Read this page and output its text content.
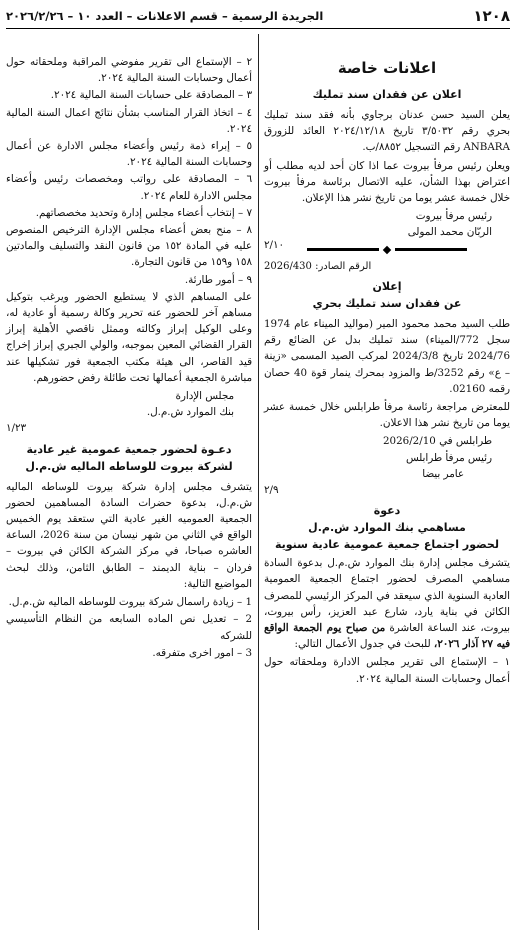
١٢٠٨
الجريدة الرسمية – قسم الاعلانات – العدد ١٠ – ٢٠٢٦/٢/٢٦
اعلانات خاصة
اعلان عن فقدان سند تمليك

يعلن السيد حسن عدنان برجاوي بأنه فقد سند تمليك بحري رقم ٣/٥٠٣٢ تاريخ ٢٠٢٤/١٢/١٨ العائد للزورق ANBARA رقم التسجيل ٨٨٥٢/ب.

ويعلن رئيس مرفأ بيروت عما اذا كان أحد لديه مطلب أو اعتراض بهذا الشأن، عليه الاتصال برئاسة مرفأ بيروت خلال خمسة عشر يوما من تاريخ نشر هذا الإعلان.

رئيس مرفأ بيروت

الربّان محمد المولى

٢/١٠

الرقم الصادر: 2026/430

إعلان
عن فقدان سند تمليك بحري

طلب السيد محمد محمود المير (مواليد الميناء عام 1974 سجل 772/الميناء) سند تمليك بدل عن الضائع رقم 2024/76 تاريخ 2024/3/8 لمركب الصيد المسمى «زينة – ع» رقم 3252/ط والمزود بمحرك ينمار قوة 40 حصان رقمه 02160.

للمعترض مراجعة رئاسة مرفأ طرابلس خلال خمسة عشر يوما من تاريخ نشر هذا الاعلان.

طرابلس في 2026/2/10

رئيس مرفأ طرابلس

عامر بيضا

٢/٩

دعوة
مساهمي بنك الموارد ش.م.ل
لحضور اجتماع جمعية عمومية عادية سنوية

يتشرف مجلس إدارة بنك الموارد ش.م.ل بدعوة السادة مساهمي المصرف لحضور اجتماع الجمعية العمومية العادية السنوية الذي سيعقد في المركز الرئيسي للمصرف الكائن في بناية يارد، شارع عبد العزيز، رأس بيروت، بيروت، عند الساعة العاشرة من صباح يوم الجمعة الواقع فيه ٢٧ آذار ٢٠٢٦، للبحث في جدول الأعمال التالي:

١ – الإستماع الى تقرير مجلس الادارة وملحقاته حول أعمال وحسابات السنة المالية ٢٠٢٤.

٢ – الإستماع الى تقرير مفوضي المراقبة وملحقاته حول أعمال وحسابات السنة المالية ٢٠٢٤.

٣ – المصادقة على حسابات السنة المالية ٢٠٢٤.

٤ – اتخاذ القرار المناسب بشأن نتائج اعمال السنة المالية ٢٠٢٤.

٥ – إبراء ذمة رئيس وأعضاء مجلس الادارة عن أعمال وحسابات السنة المالية ٢٠٢٤.

٦ – المصادقة على رواتب ومخصصات رئيس وأعضاء مجلس الادارة للعام ٢٠٢٤.

٧ – إنتخاب أعضاء مجلس إدارة وتحديد مخصصاتهم.

٨ – منح بعض أعضاء مجلس الإدارة الترخيص المنصوص عليه في المادة ١٥٢ من قانون النقد والتسليف والمادتين ١٥٨ و١٥٩ من قانون التجارة.

٩ – أمور طارئة.

على المساهم الذي لا يستطيع الحضور ويرغب بتوكيل مساهم آخر للحضور عنه تحرير وكالة رسمية أو عادية له، وعلى الوكيل إبراز وكالته وممثل ناقصي الأهلية إبراز القرار القضائي المعين بموجبه، والولي الجبري إبراز إخراج قيد القاصر، الى هيئة مكتب الجمعية فور تشكيلها عند مباشرة الجمعية أعمالها تحت طائلة رفض حضورهم.

مجلس الإدارة

بنك الموارد ش.م.ل.

١/٢٣

دعـوة لحضور جمعية عمومية غير عادية
لشركة بيروت للوساطه الماليه ش.م.ل

يتشرف مجلس إدارة شركة بيروت للوساطه الماليه ش.م.ل، بدعوة حضرات السادة المساهمين لحضور الجمعية العموميه الغير عادية التي ستعقد يوم الخميس الواقع في الثاني من شهر نيسان من سنة 2026، الساعة العاشره صباحا، في مركز الشركة الكائن في بيروت – فردان – بناية الديمند – الطابق الثامن، وذلك لبحث المواضيع التالية:

1 – زيادة راسمال شركة بيروت للوساطه الماليه ش.م.ل.

2 – تعديل نص الماده السابعه من النظام التأسيسي للشركه

3 – امور اخرى متفرقه.
